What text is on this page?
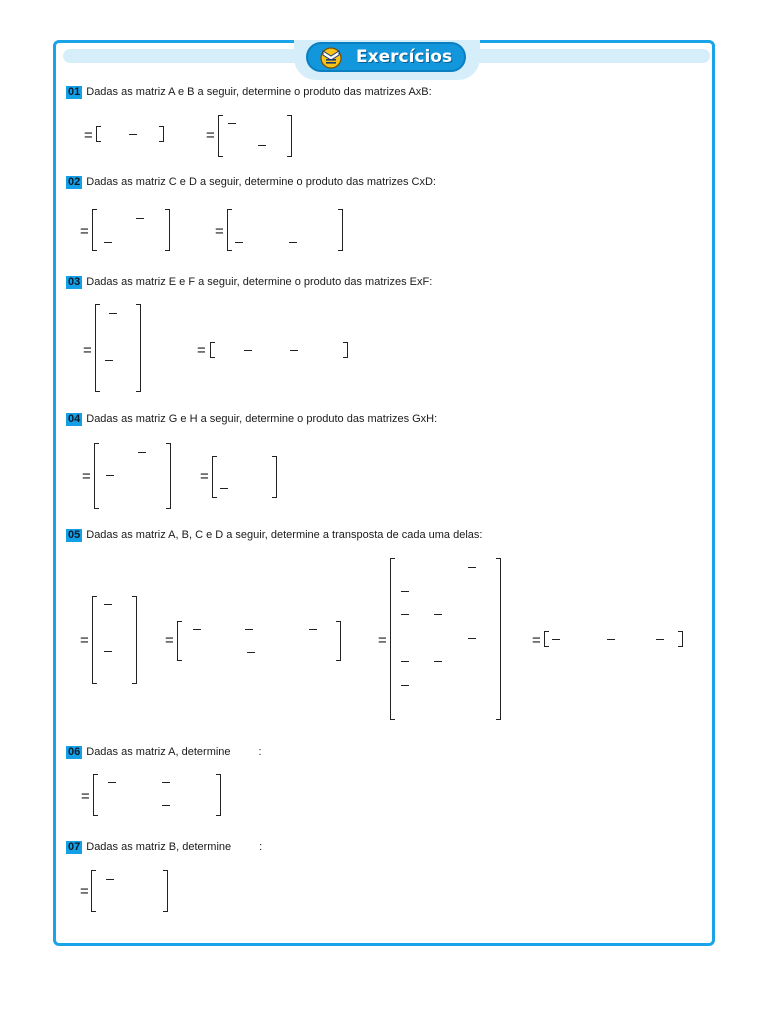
Exercícios
01 Dadas as matriz A e B a seguir, determine o produto das matrizes AxB:
=	=
02 Dadas as matriz C e D a seguir, determine o produto das matrizes CxD:
=	=
03 Dadas as matriz E e F a seguir, determine o produto das matrizes ExF:
=	=
04 Dadas as matriz G e H a seguir, determine o produto das matrizes GxH:
=	=
05 Dadas as matriz A, B, C e D a seguir, determine a transposta de cada uma delas:
=	=	=	=
06 Dadas as matriz A, determine	:
=
07 Dadas as matriz B, determine	:
=
